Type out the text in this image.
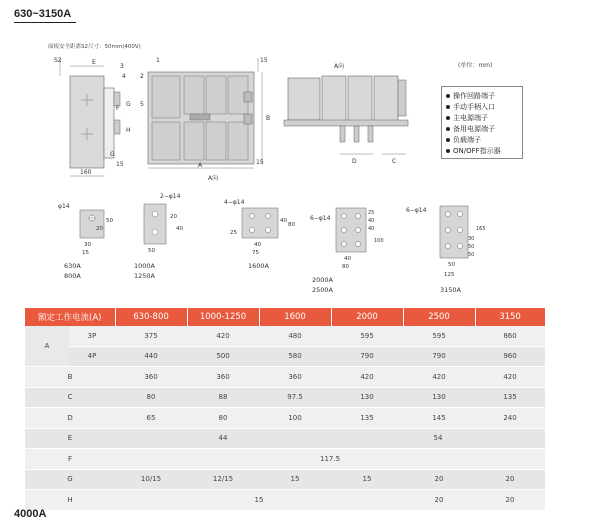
630~3150A
面板安全距离S2尺寸：50mm(400V)
S2	E	1
2
3
4
5
F
G
H
A
B
160
15
15
15
G
A向
A向
D	C
(单位：mm)
操作回路端子
手动手柄入口
主电源端子
备用电源端子
负载端子
ON/OFF指示器
φ14
20
50
30
15
630A
800A
2−φ14
20
40
50
1000A
1250A
4−φ14
25
40
80
40
75
1600A
6−φ14
25
40
40
40
80
100
2000A
2500A
6−φ14
30
50
50
165
50
125
3150A
额定工作电流(A)		630-800	1000-1250	1600	2000	2500	3150
A	3P	375	420	480	595	595	860
	4P	440	500	580	790	790	960
B		360	360	360	420	420	420
C		80	88	97.5	130	130	135
D		65	80	100	135	145	240
E		44			54		
F		117.5					
G		10/15	12/15	15	15	20	20
H		15				20	20
4000A
